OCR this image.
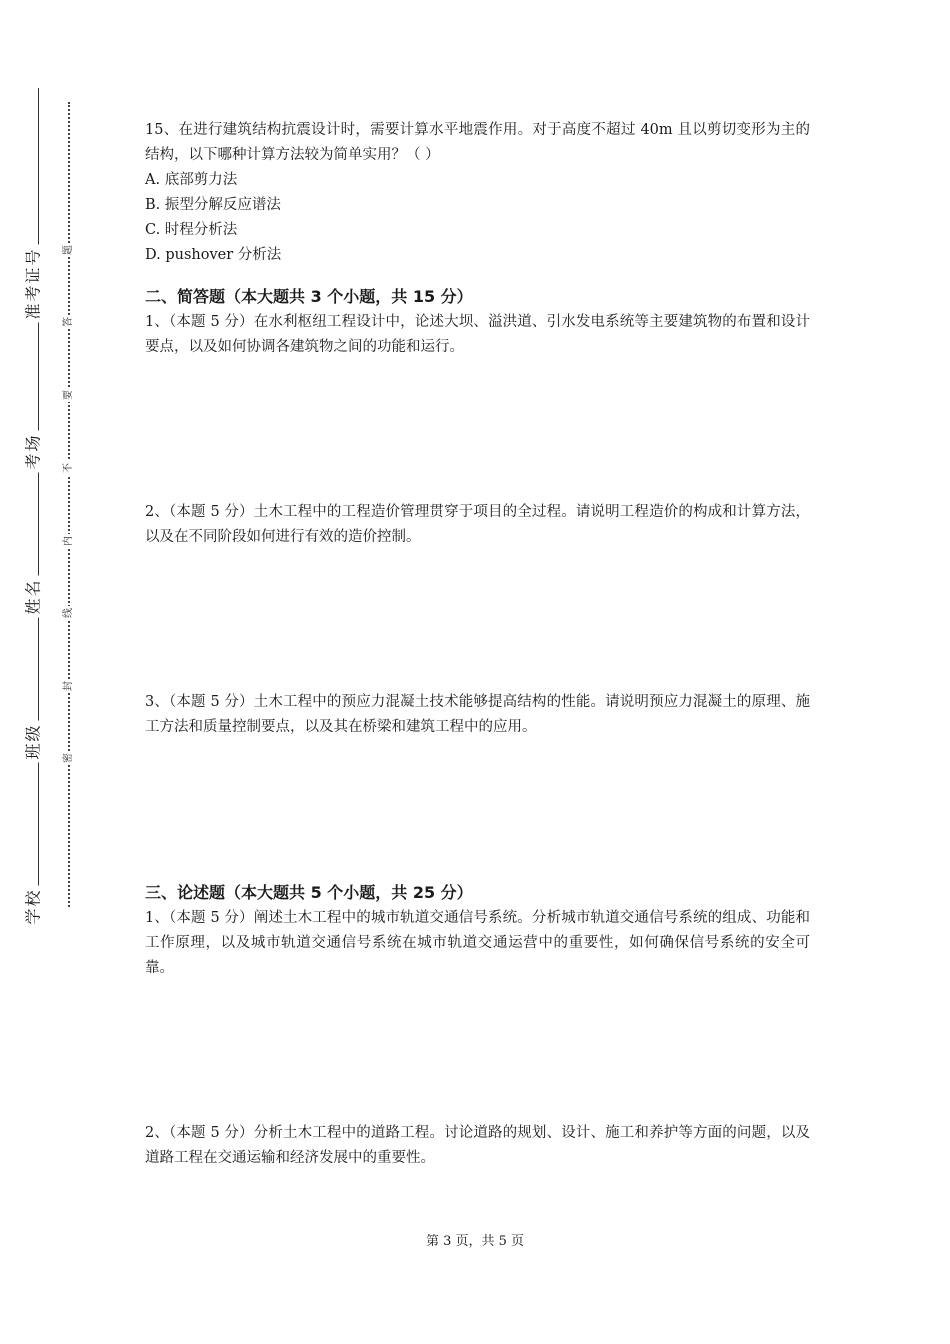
准考证号
考场
姓名
班级
学校
题
答
要
不
内
线
封
密

15、在进行建筑结构抗震设计时，需要计算水平地震作用。对于高度不超过 40m 且以剪切变形为主的结构，以下哪种计算方法较为简单实用？（ ）

A. 底部剪力法

B. 振型分解反应谱法

C. 时程分析法

D. pushover 分析法

二、简答题（本大题共 3 个小题，共 15 分）

1、（本题 5 分）在水利枢纽工程设计中，论述大坝、溢洪道、引水发电系统等主要建筑物的布置和设计要点，以及如何协调各建筑物之间的功能和运行。

2、（本题 5 分）土木工程中的工程造价管理贯穿于项目的全过程。请说明工程造价的构成和计算方法，以及在不同阶段如何进行有效的造价控制。

3、（本题 5 分）土木工程中的预应力混凝土技术能够提高结构的性能。请说明预应力混凝土的原理、施工方法和质量控制要点，以及其在桥梁和建筑工程中的应用。

三、论述题（本大题共 5 个小题，共 25 分）

1、（本题 5 分）阐述土木工程中的城市轨道交通信号系统。分析城市轨道交通信号系统的组成、功能和工作原理，以及城市轨道交通信号系统在城市轨道交通运营中的重要性，如何确保信号系统的安全可靠。

2、（本题 5 分）分析土木工程中的道路工程。讨论道路的规划、设计、施工和养护等方面的问题，以及道路工程在交通运输和经济发展中的重要性。

第 3 页，共 5 页
